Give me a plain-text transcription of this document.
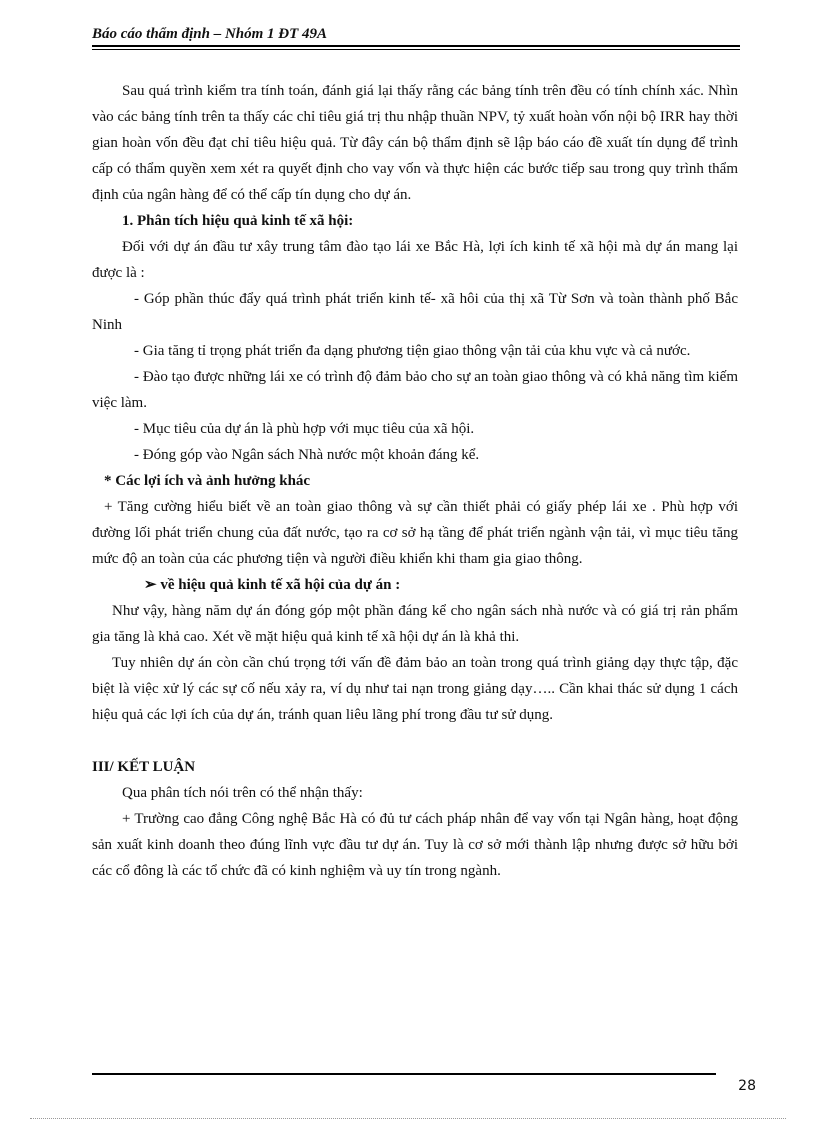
Báo cáo thẩm định – Nhóm 1 ĐT 49A

Sau quá trình kiểm tra tính toán, đánh giá lại thấy rằng các bảng tính trên đều có tính chính xác. Nhìn vào các bảng tính trên ta thấy các chỉ tiêu giá trị thu nhập thuần NPV, tỷ xuất hoàn vốn nội bộ IRR hay thời gian hoàn vốn đều đạt chỉ tiêu hiệu quả. Từ đây cán bộ thẩm định sẽ lập báo cáo đề xuất tín dụng để trình cấp có thẩm quyền xem xét ra quyết định cho vay vốn và thực hiện các bước tiếp sau trong quy trình thẩm định của ngân hàng để có thể cấp tín dụng cho dự án.

1. Phân tích hiệu quả kinh tế xã hội:

Đối với dự án đầu tư xây trung tâm đào tạo lái xe Bắc Hà, lợi ích kinh tế xã hội mà dự án mang lại được là :

- Góp phần thúc đẩy quá trình phát triển kinh tế- xã hôi của thị xã Từ Sơn và toàn thành phố Bắc Ninh

- Gia tăng tỉ trọng phát triển đa dạng phương tiện giao thông vận tải của khu vực và cả nước.

- Đào tạo được những lái xe có trình độ đảm bảo cho sự an toàn giao thông và có khả năng tìm kiếm việc làm.

- Mục tiêu của dự án là phù hợp với mục tiêu của xã hội.

- Đóng góp vào Ngân sách Nhà nước một khoản đáng kể.

* Các lợi ích và ảnh hưởng khác

+ Tăng cường hiểu biết về an toàn giao thông và sự cần thiết phải có giấy phép lái xe . Phù hợp với đường lối phát triển chung của đất nước, tạo ra cơ sở hạ tầng để phát triển ngành vận tải, vì mục tiêu tăng mức độ an toàn của các phương tiện và người điều khiển khi tham gia giao thông.

➢ về hiệu quả kinh tế xã hội của dự án :

Như vậy, hàng năm dự án đóng góp một phần đáng kể cho ngân sách nhà nước và có giá trị rản phẩm gia tăng là khả cao. Xét về mặt hiệu quả kinh tế xã hội dự án là khả thi.

Tuy nhiên dự án còn cần chú trọng tới vấn đề đảm bảo an toàn trong quá trình giảng dạy thực tập, đặc biệt là việc xử lý các sự cố nếu xảy ra, ví dụ như tai nạn trong giảng dạy….. Cần khai thác sử dụng 1 cách hiệu quả các lợi ích của dự án, tránh quan liêu lãng phí trong đầu tư sử dụng.

III/ KẾT LUẬN

Qua phân tích nói trên có thể nhận thấy:

+ Trường cao đẳng Công nghệ Bắc Hà có đủ tư cách pháp nhân để vay vốn tại Ngân hàng, hoạt động sản xuất kinh doanh theo đúng lĩnh vực đầu tư dự án. Tuy là cơ sở mới thành lập nhưng được sở hữu bởi các cổ đông là các tổ chức đã có kinh nghiệm và uy tín trong ngành.

28
